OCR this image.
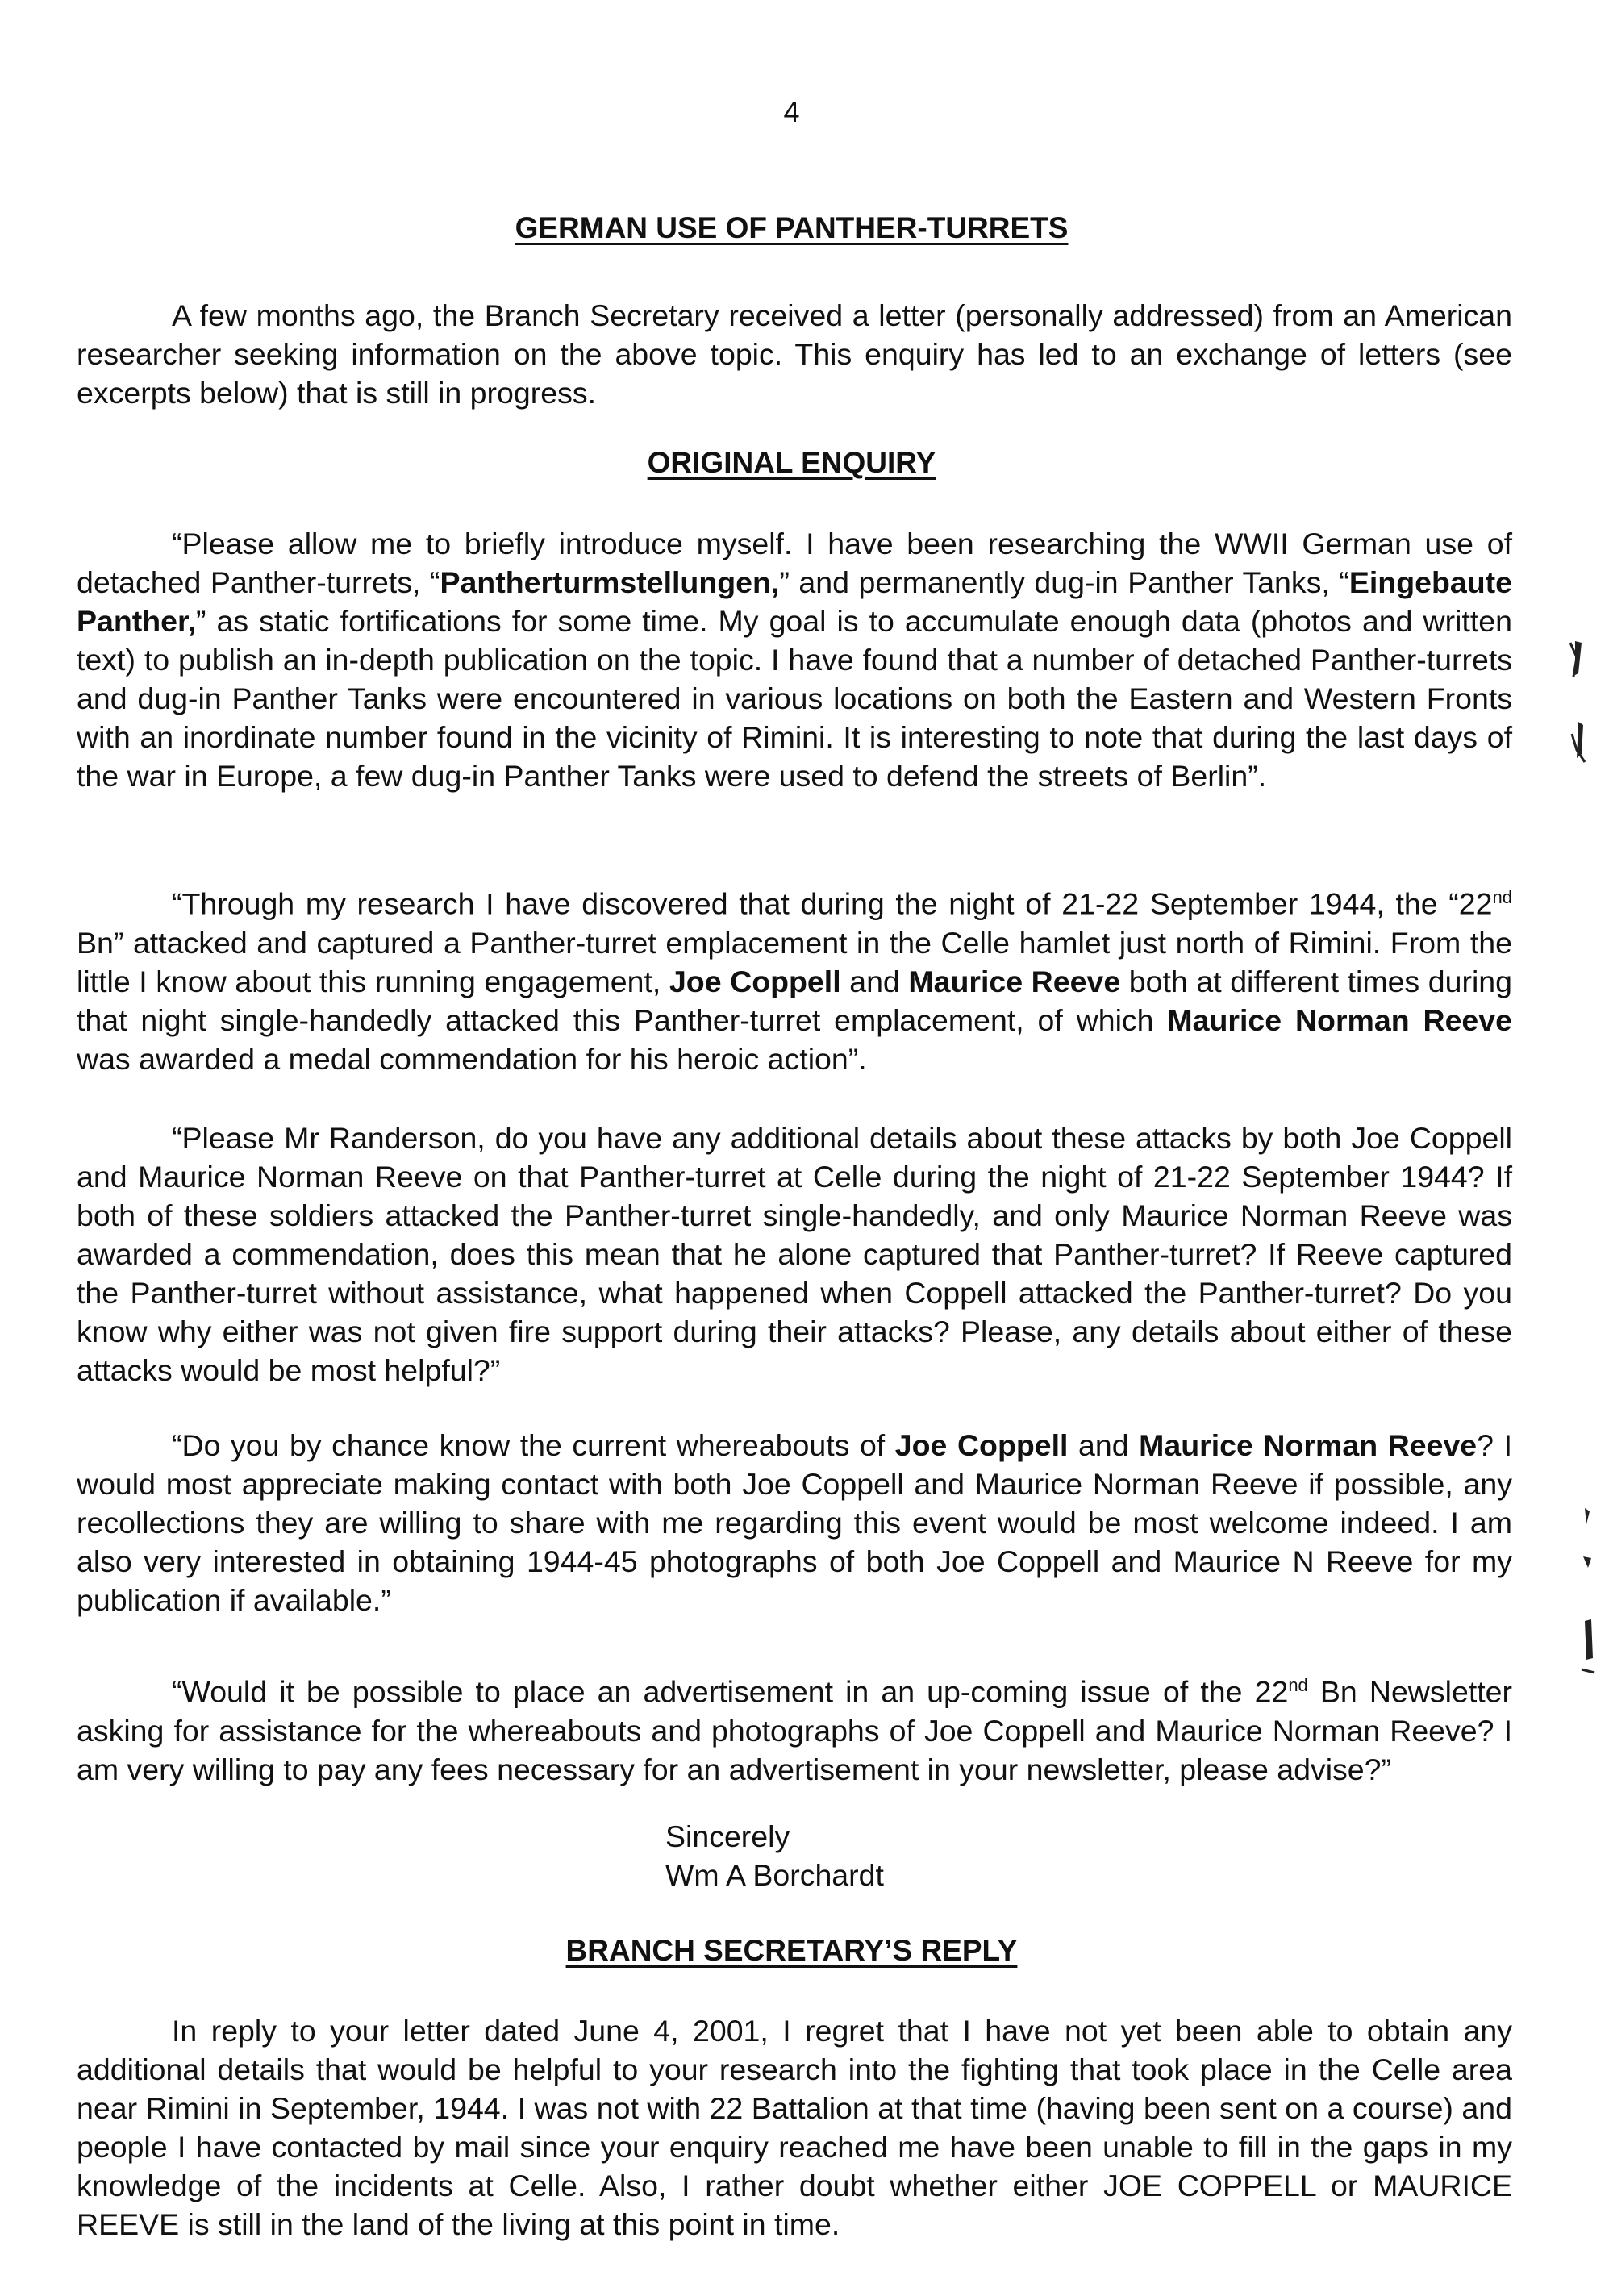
4
GERMAN USE OF PANTHER-TURRETS

A few months ago, the Branch Secretary received a letter (personally addressed) from an American researcher seeking information on the above topic. This enquiry has led to an exchange of letters (see excerpts below) that is still in progress.

ORIGINAL ENQUIRY

“Please allow me to briefly introduce myself. I have been researching the WWII German use of detached Panther-turrets, “Pantherturmstellungen,” and permanently dug-in Panther Tanks, “Eingebaute Panther,” as static fortifications for some time. My goal is to accumulate enough data (photos and written text) to publish an in-depth publication on the topic. I have found that a number of detached Panther-turrets and dug-in Panther Tanks were encountered in various locations on both the Eastern and Western Fronts with an inordinate number found in the vicinity of Rimini. It is interesting to note that during the last days of the war in Europe, a few dug-in Panther Tanks were used to defend the streets of Berlin”.

“Through my research I have discovered that during the night of 21-22 September 1944, the “22nd Bn” attacked and captured a Panther-turret emplacement in the Celle hamlet just north of Rimini. From the little I know about this running engagement, Joe Coppell and Maurice Reeve both at different times during that night single-handedly attacked this Panther-turret emplacement, of which Maurice Norman Reeve was awarded a medal commendation for his heroic action”.

“Please Mr Randerson, do you have any additional details about these attacks by both Joe Coppell and Maurice Norman Reeve on that Panther-turret at Celle during the night of 21-22 September 1944? If both of these soldiers attacked the Panther-turret single-handedly, and only Maurice Norman Reeve was awarded a commendation, does this mean that he alone captured that Panther-turret? If Reeve captured the Panther-turret without assistance, what happened when Coppell attacked the Panther-turret? Do you know why either was not given fire support during their attacks? Please, any details about either of these attacks would be most helpful?”

“Do you by chance know the current whereabouts of Joe Coppell and Maurice Norman Reeve? I would most appreciate making contact with both Joe Coppell and Maurice Norman Reeve if possible, any recollections they are willing to share with me regarding this event would be most welcome indeed. I am also very interested in obtaining 1944-45 photographs of both Joe Coppell and Maurice N Reeve for my publication if available.”

“Would it be possible to place an advertisement in an up-coming issue of the 22nd Bn Newsletter asking for assistance for the whereabouts and photographs of Joe Coppell and Maurice Norman Reeve? I am very willing to pay any fees necessary for an advertisement in your newsletter, please advise?”

Sincerely
Wm A Borchardt
BRANCH SECRETARY’S REPLY

In reply to your letter dated June 4, 2001, I regret that I have not yet been able to obtain any additional details that would be helpful to your research into the fighting that took place in the Celle area near Rimini in September, 1944. I was not with 22 Battalion at that time (having been sent on a course) and people I have contacted by mail since your enquiry reached me have been unable to fill in the gaps in my knowledge of the incidents at Celle. Also, I rather doubt whether either JOE COPPELL or MAURICE REEVE is still in the land of the living at this point in time.
